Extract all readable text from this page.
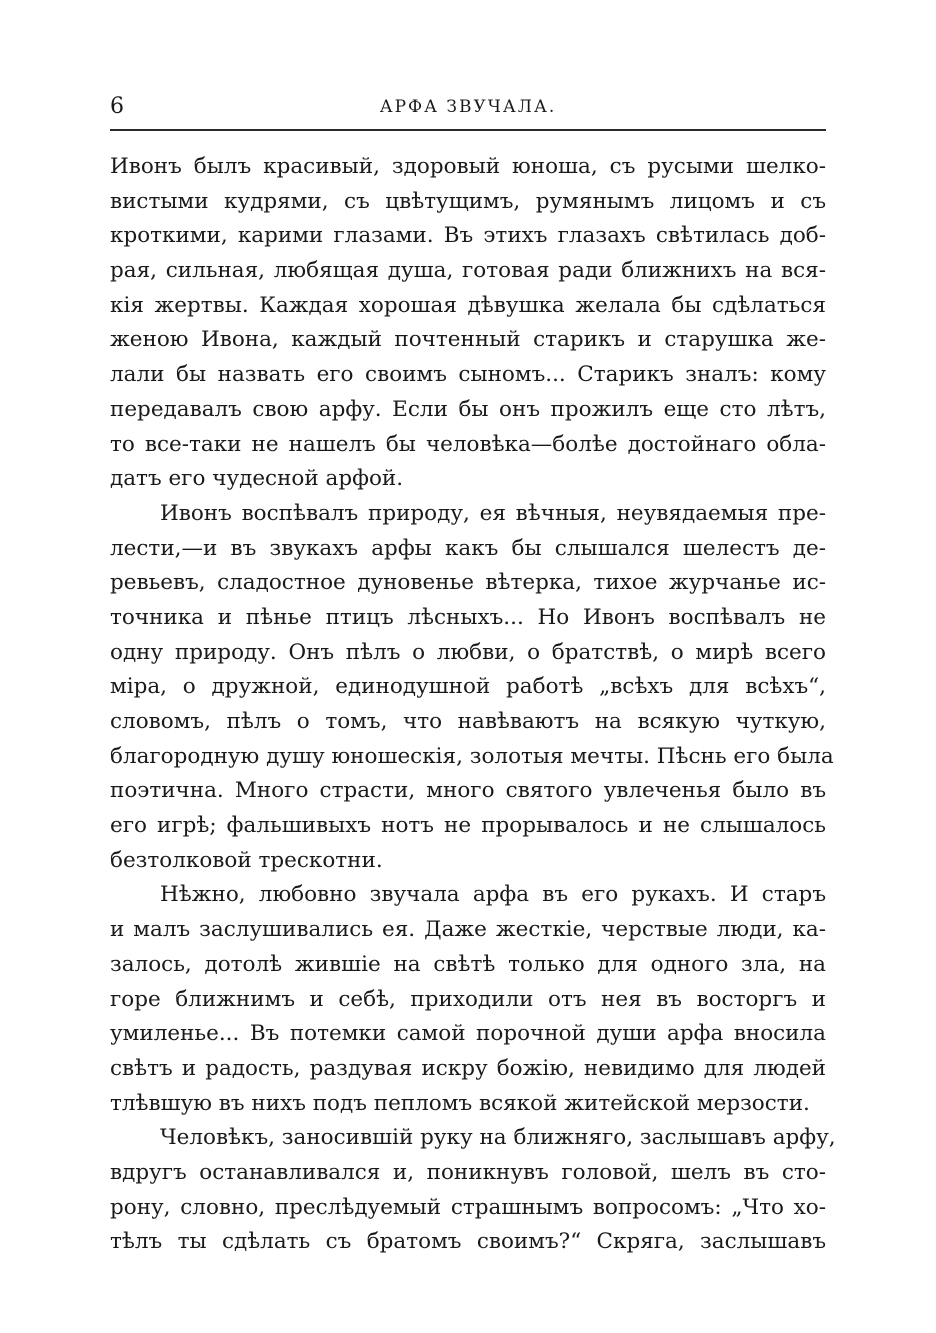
6	АРФА ЗВУЧАЛА.
Ивонъ былъ красивый, здоровый юноша, съ русыми шелко-
вистыми кудрями, съ цвѣтущимъ, румянымъ лицомъ и съ
кроткими, карими глазами. Въ этихъ глазахъ свѣтилась доб-
рая, сильная, любящая душа, готовая ради ближнихъ на вся-
кія жертвы. Каждая хорошая дѣвушка желала бы сдѣлаться
женою Ивона, каждый почтенный старикъ и старушка же-
лали бы назвать его своимъ сыномъ... Старикъ зналъ: кому
передавалъ свою арфу. Если бы онъ прожилъ еще сто лѣтъ,
то все-таки не нашелъ бы человѣка—болѣе достойнаго обла-
датъ его чудесной арфой.
Ивонъ воспѣвалъ природу, ея вѣчныя, неувядаемыя пре-
лести,—и въ звукахъ арфы какъ бы слышался шелестъ де-
ревьевъ, сладостное дуновенье вѣтерка, тихое журчанье ис-
точника и пѣнье птицъ лѣсныхъ... Но Ивонъ воспѣвалъ не
одну природу. Онъ пѣлъ о любви, о братствѣ, о мирѣ всего
міра, о дружной, единодушной работѣ „всѣхъ для всѣхъ“,
словомъ, пѣлъ о томъ, что навѣваютъ на всякую чуткую,
благородную душу юношескія, золотыя мечты. Пѣснь его была
поэтична. Много страсти, много святого увлеченья было въ
его игрѣ; фальшивыхъ нотъ не прорывалось и не слышалось
безтолковой трескотни.
Нѣжно, любовно звучала арфа въ его рукахъ. И старъ
и малъ заслушивались ея. Даже жесткіе, черствые люди, ка-
залось, дотолѣ жившіе на свѣтѣ только для одного зла, на
горе ближнимъ и себѣ, приходили отъ нея въ восторгъ и
умиленье... Въ потемки самой порочной души арфа вносила
свѣтъ и радость, раздувая искру божію, невидимо для людей
тлѣвшую въ нихъ подъ пепломъ всякой житейской мерзости.
Человѣкъ, заносившій руку на ближняго, заслышавъ арфу,
вдругъ останавливался и, поникнувъ головой, шелъ въ сто-
рону, словно, преслѣдуемый страшнымъ вопросомъ: „Что хо-
тѣлъ ты сдѣлать съ братомъ своимъ?“ Скряга, заслышавъ
